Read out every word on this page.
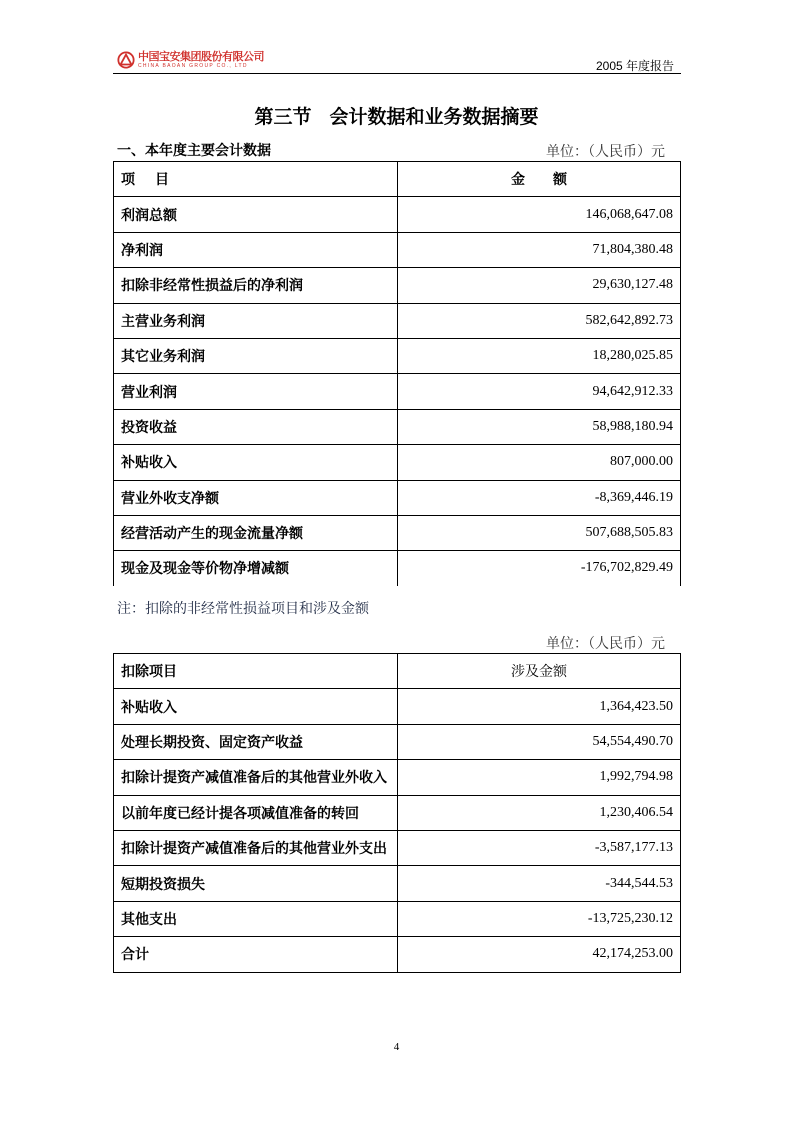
中国宝安集团股份有限公司
CHINA BAOAN GROUP CO., LTD	2005 年度报告
第三节 会计数据和业务数据摘要
一、本年度主要会计数据	单位：（人民币）元
项 目	金 额
利润总额	146,068,647.08
净利润	71,804,380.48
扣除非经常性损益后的净利润	29,630,127.48
主营业务利润	582,642,892.73
其它业务利润	18,280,025.85
营业利润	94,642,912.33
投资收益	58,988,180.94
补贴收入	807,000.00
营业外收支净额	-8,369,446.19
经营活动产生的现金流量净额	507,688,505.83
现金及现金等价物净增减额	-176,702,829.49
注：扣除的非经常性损益项目和涉及金额
单位：（人民币）元
扣除项目	涉及金额
补贴收入	1,364,423.50
处理长期投资、固定资产收益	54,554,490.70
扣除计提资产减值准备后的其他营业外收入	1,992,794.98
以前年度已经计提各项减值准备的转回	1,230,406.54
扣除计提资产减值准备后的其他营业外支出	-3,587,177.13
短期投资损失	-344,544.53
其他支出	-13,725,230.12
合计	42,174,253.00
4
